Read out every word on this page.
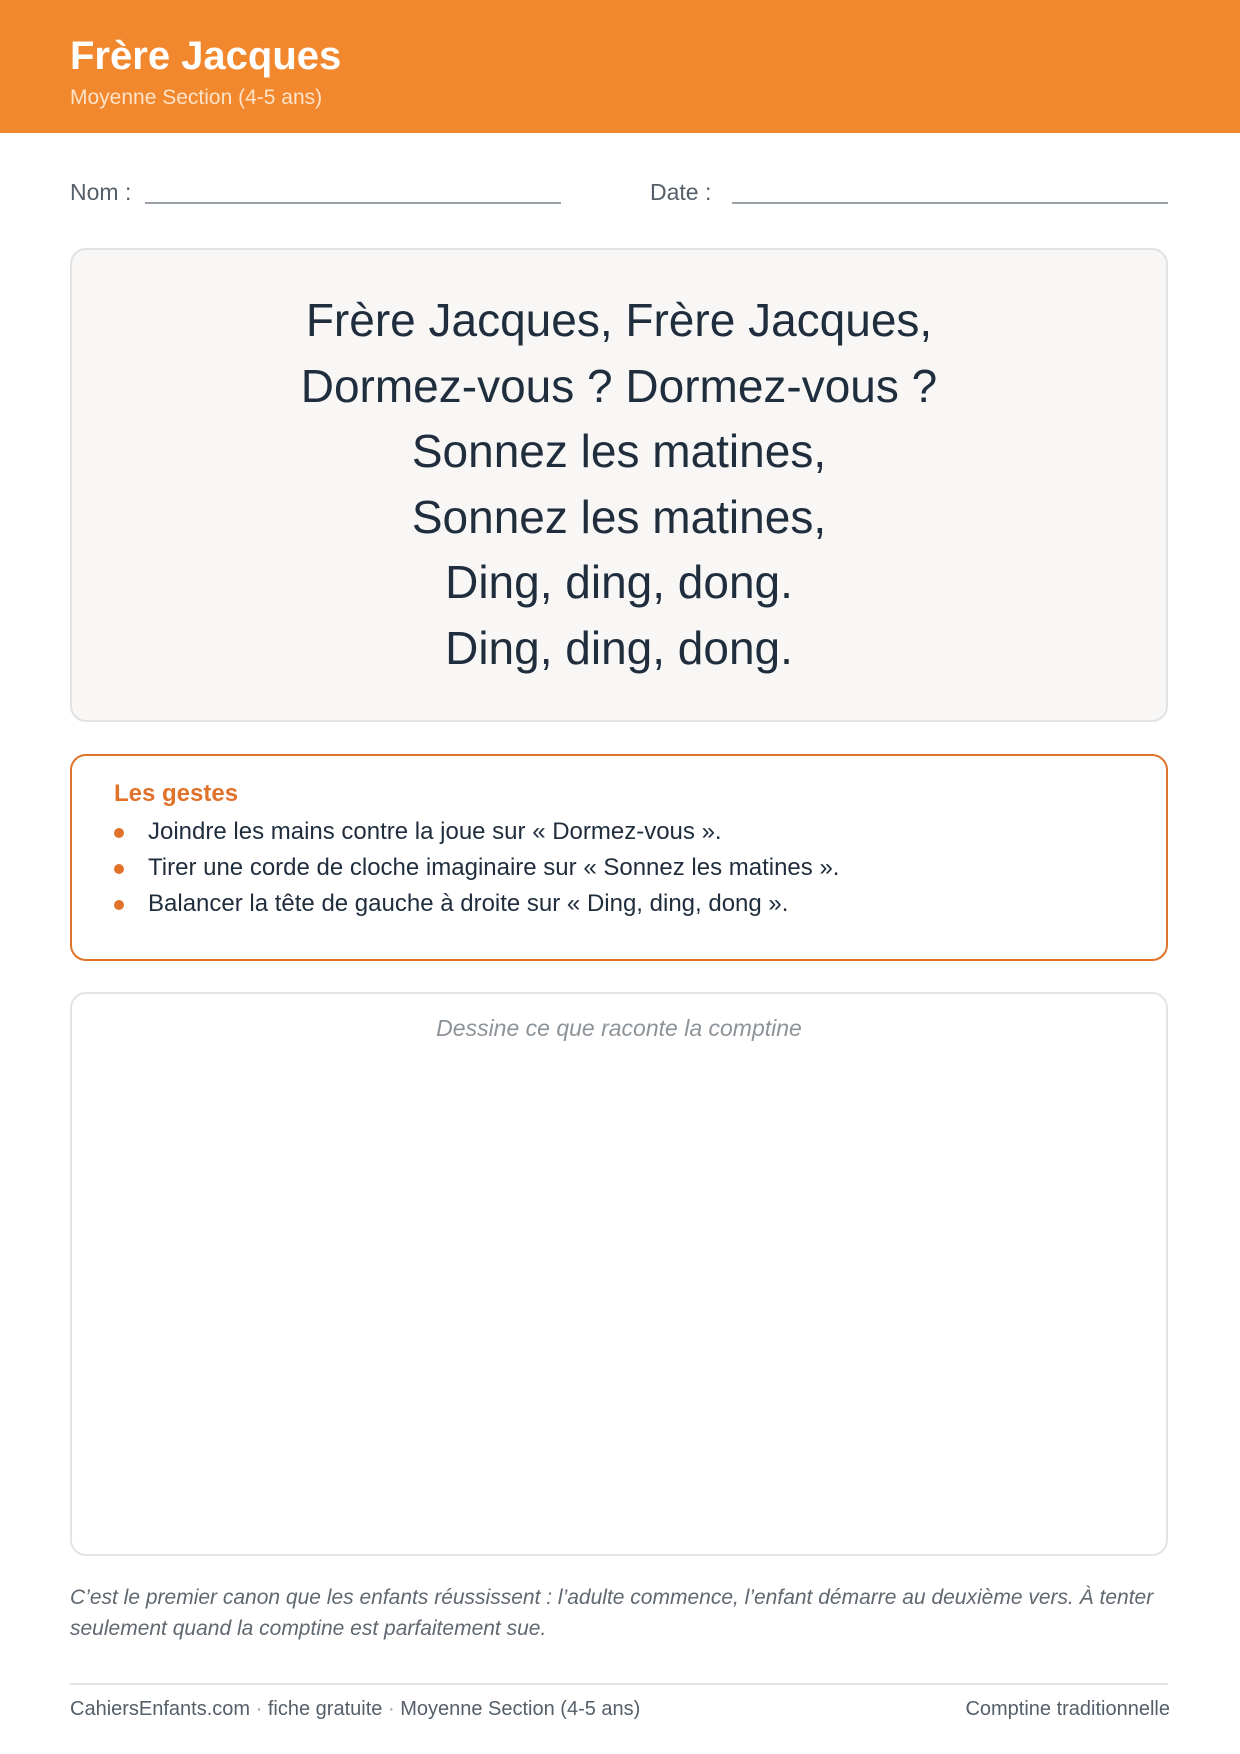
Frère Jacques
Moyenne Section (4-5 ans)
Nom :	Date :
Frère Jacques, Frère Jacques,
Dormez-vous ? Dormez-vous ?
Sonnez les matines,
Sonnez les matines,
Ding, ding, dong.
Ding, ding, dong.
Les gestes
Joindre les mains contre la joue sur « Dormez-vous ».
Tirer une corde de cloche imaginaire sur « Sonnez les matines ».
Balancer la tête de gauche à droite sur « Ding, ding, dong ».
Dessine ce que raconte la comptine

C’est le premier canon que les enfants réussissent : l’adulte commence, l’enfant démarre au deuxième vers. À tenter seulement quand la comptine est parfaitement sue.

CahiersEnfants.com · fiche gratuite · Moyenne Section (4-5 ans)	Comptine traditionnelle
